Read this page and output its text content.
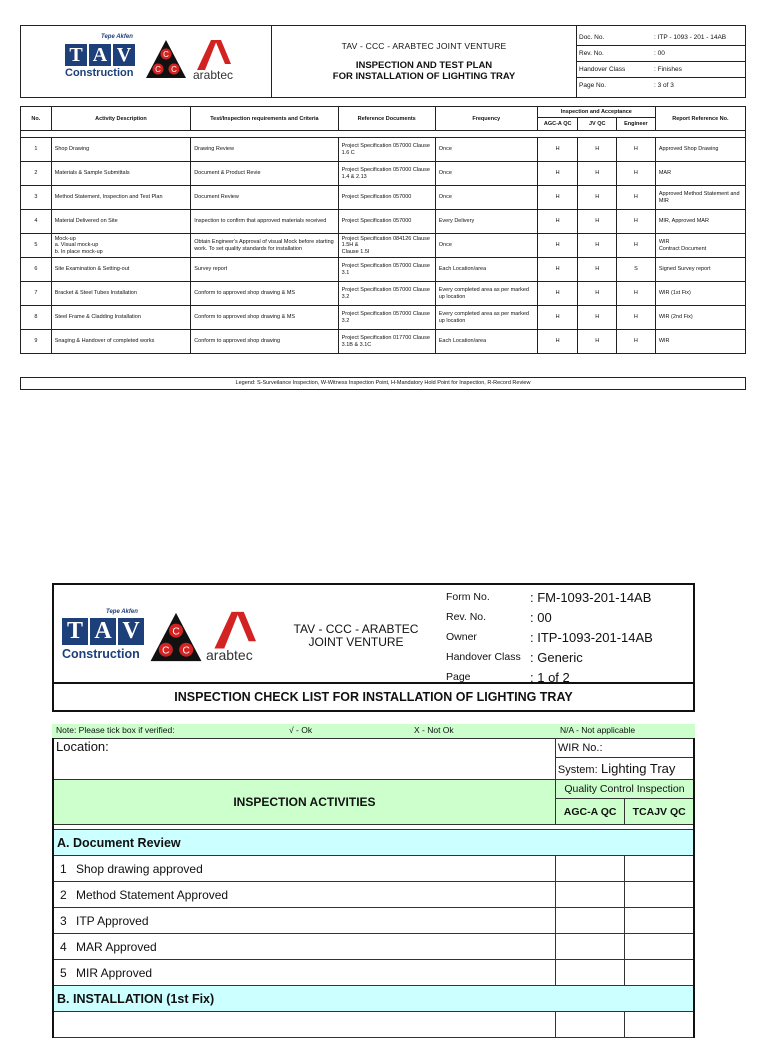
Tepe Akfen
T A V
Construction
C
C C arabtec

TAV - CCC - ARABTEC JOINT VENTURE
INSPECTION AND TEST PLAN
FOR INSTALLATION OF LIGHTING TRAY

Doc. No.	: ITP - 1093 - 201 - 14AB
Rev. No.	: 00
Handover Class	: Finishes
Page No.	: 3 of 3
No.	Activity Description	Test/Inspection requirements and Criteria	Reference Documents	Frequency	Inspection and Acceptance			Report Reference No.
					AGC-A QC	JV QC	Engineer	

1	Shop Drawing	Drawing Review	Project Specification 057000 Clause 1.6 C	Once	H	H	H	Approved Shop Drawing
2	Materials & Sample Submittals	Document & Product Revie	Project Specification 057000 Clause 1.4 & 2.13	Once	H	H	H	MAR
3	Method Statement, Inspection and Test Plan	Document Review	Project Specification 057000	Once	H	H	H	Approved Method Statement and MIR
4	Material Delivered on Site	Inspection to confirm that approved materials received	Project Specification 057000	Every Delivery	H	H	H	MIR, Approved MAR
5	Mock-up
a. Visual mock-up
b. In place mock-up	Obtain Engineer's Approval of visual Mock before starting work. To set quality standards for installation	Project Specification 084126 Clause 1.5H &
Clause 1.5I	Once	H	H	H	WIR
Contract Document
6	Site Examination & Setting-out	Survey report	Project Specification 057000 Clause 3.1	Each Location/area	H	H	S	Signed Survey report
7	Bracket & Steel Tubes Installation	Conform to approved shop drawing & MS	Project Specification 057000 Clause 3.2	Every completed area as per marked up location	H	H	H	WIR (1st Fix)
8	Steel Frame & Cladding Installation	Conform to approved shop drawing & MS	Project Specification 057000 Clause 3.2	Every completed area as per marked up location	H	H	H	WIR (2nd Fix)
9	Snaging & Handover of completed works	Conform to approved shop drawing	Project Specification 017700 Clause 3.1B & 3.1C	Each Location/area	H	H	H	WIR
Legend: S-Surveilance Inspection, W-Witness Inspection Point, H-Mandatory Hold Point for Inspection, R-Record Review
Tepe Akfen
T A V
Construction
C
C C arabtec
TAV - CCC - ARABTEC
JOINT VENTURE
Form No.	: FM-1093-201-14AB
Rev. No.	: 00
Owner	: ITP-1093-201-14AB
Handover Class : Generic
Page	: 1 of 2
INSPECTION CHECK LIST FOR INSTALLATION OF LIGHTING TRAY
Note: Please tick box if verified:	√ - Ok	X - Not Ok	N/A - Not applicable
Location:	WIR No.:	
	System: Lighting Tray	
INSPECTION ACTIVITIES	Quality Control Inspection	
	AGC-A QC	TCAJV QC

A. Document Review		
1 Shop drawing approved		
2 Method Statement Approved		
3 ITP Approved		
4 MAR Approved		
5 MIR Approved		
B. INSTALLATION (1st Fix)		
